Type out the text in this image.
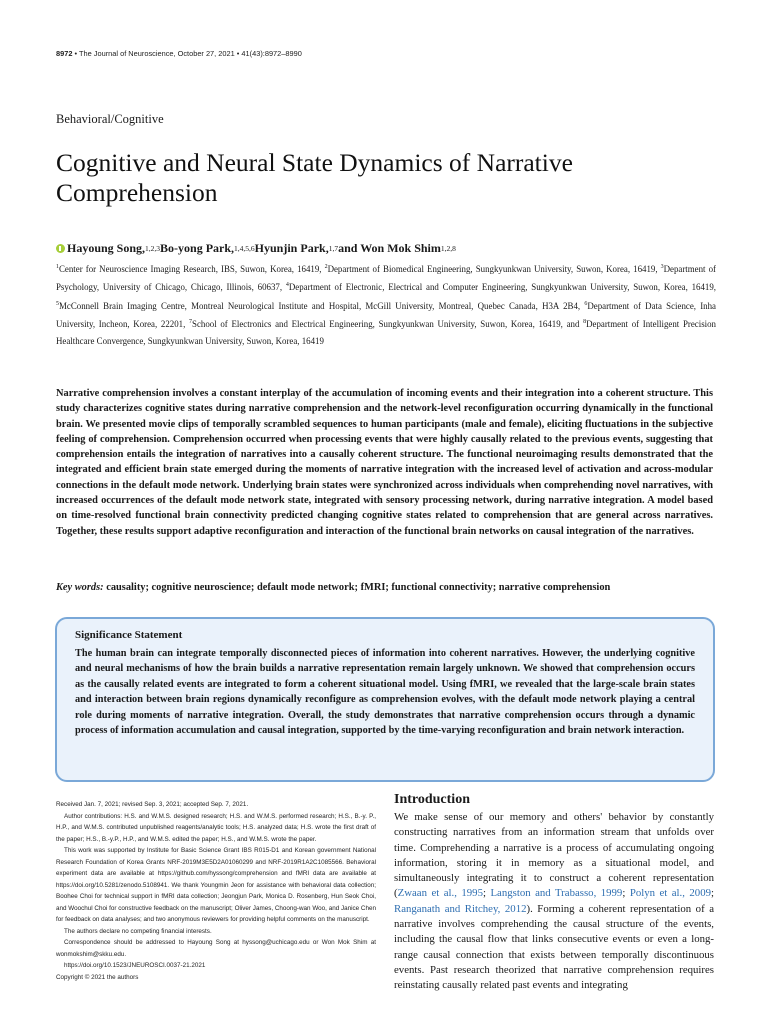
8972 • The Journal of Neuroscience, October 27, 2021 • 41(43):8972–8990
Behavioral/Cognitive
Cognitive and Neural State Dynamics of Narrative Comprehension
Hayoung Song, 1,2,3 Bo-yong Park, 1,4,5,6 Hyunjin Park, 1,7 and Won Mok Shim 1,2,8

$^1$Center for Neuroscience Imaging Research, IBS, Suwon, Korea, 16419, $^2$Department of Biomedical Engineering, Sungkyunkwan University, Suwon, Korea, 16419, $^3$Department of Psychology, University of Chicago, Chicago, Illinois, 60637, $^4$Department of Electronic, Electrical and Computer Engineering, Sungkyunkwan University, Suwon, Korea, 16419, $^5$McConnell Brain Imaging Centre, Montreal Neurological Institute and Hospital, McGill University, Montreal, Quebec Canada, H3A 2B4, $^6$Department of Data Science, Inha University, Incheon, Korea, 22201, $^7$School of Electronics and Electrical Engineering, Sungkyunkwan University, Suwon, Korea, 16419, and $^8$Department of Intelligent Precision Healthcare Convergence, Sungkyunkwan University, Suwon, Korea, 16419

Narrative comprehension involves a constant interplay of the accumulation of incoming events and their integration into a coherent structure. This study characterizes cognitive states during narrative comprehension and the network-level reconfiguration occurring dynamically in the functional brain. We presented movie clips of temporally scrambled sequences to human participants (male and female), eliciting fluctuations in the subjective feeling of comprehension. Comprehension occurred when processing events that were highly causally related to the previous events, suggesting that comprehension entails the integration of narratives into a causally coherent structure. The functional neuroimaging results demonstrated that the integrated and efficient brain state emerged during the moments of narrative integration with the increased level of activation and across-modular connections in the default mode network. Underlying brain states were synchronized across individuals when comprehending novel narratives, with increased occurrences of the default mode network state, integrated with sensory processing network, during narrative integration. A model based on time-resolved functional brain connectivity predicted changing cognitive states related to comprehension that are general across narratives. Together, these results support adaptive reconfiguration and interaction of the functional brain networks on causal integration of the narratives.

Key words: causality; cognitive neuroscience; default mode network; fMRI; functional connectivity; narrative comprehension

Significance Statement

The human brain can integrate temporally disconnected pieces of information into coherent narratives. However, the underlying cognitive and neural mechanisms of how the brain builds a narrative representation remain largely unknown. We showed that comprehension occurs as the causally related events are integrated to form a coherent situational model. Using fMRI, we revealed that the large-scale brain states and interaction between brain regions dynamically reconfigure as comprehension evolves, with the default mode network playing a central role during moments of narrative integration. Overall, the study demonstrates that narrative comprehension occurs through a dynamic process of information accumulation and causal integration, supported by the time-varying reconfiguration and brain network interaction.

Received Jan. 7, 2021; revised Sep. 3, 2021; accepted Sep. 7, 2021.

Author contributions: H.S. and W.M.S. designed research; H.S. and W.M.S. performed research; H.S., B.-y. P., H.P., and W.M.S. contributed unpublished reagents/analytic tools; H.S. analyzed data; H.S. wrote the first draft of the paper; H.S., B.-y.P., H.P., and W.M.S. edited the paper; H.S., and W.M.S. wrote the paper.

This work was supported by Institute for Basic Science Grant IBS R015-D1 and Korean government National Research Foundation of Korea Grants NRF-2019M3E5D2A01060299 and NRF-2019R1A2C1085566. Behavioral experiment data are available at https://github.com/hyssong/comprehension and fMRI data are available at https://doi.org/10.5281/zenodo.5108941. We thank Youngmin Jeon for assistance with behavioral data collection; Boohee Choi for technical support in fMRI data collection; Jeongjun Park, Monica D. Rosenberg, Hun Seok Choi, and Woochul Choi for constructive feedback on the manuscript; Oliver James, Choong-wan Woo, and Janice Chen for feedback on data analyses; and two anonymous reviewers for providing helpful comments on the manuscript.

The authors declare no competing financial interests.

Correspondence should be addressed to Hayoung Song at hyssong@uchicago.edu or Won Mok Shim at wonmokshim@skku.edu.

https://doi.org/10.1523/JNEUROSCI.0037-21.2021

Copyright © 2021 the authors

Introduction

We make sense of our memory and others' behavior by constantly constructing narratives from an information stream that unfolds over time. Comprehending a narrative is a process of accumulating ongoing information, storing it in memory as a situational model, and simultaneously integrating it to construct a coherent representation (Zwaan et al., 1995; Langston and Trabasso, 1999; Polyn et al., 2009; Ranganath and Ritchey, 2012). Forming a coherent representation of a narrative involves comprehending the causal structure of the events, including the causal flow that links consecutive events or even a long-range causal connection that exists between temporally discontinuous events. Past research theorized that narrative comprehension requires reinstating causally related past events and integrating
